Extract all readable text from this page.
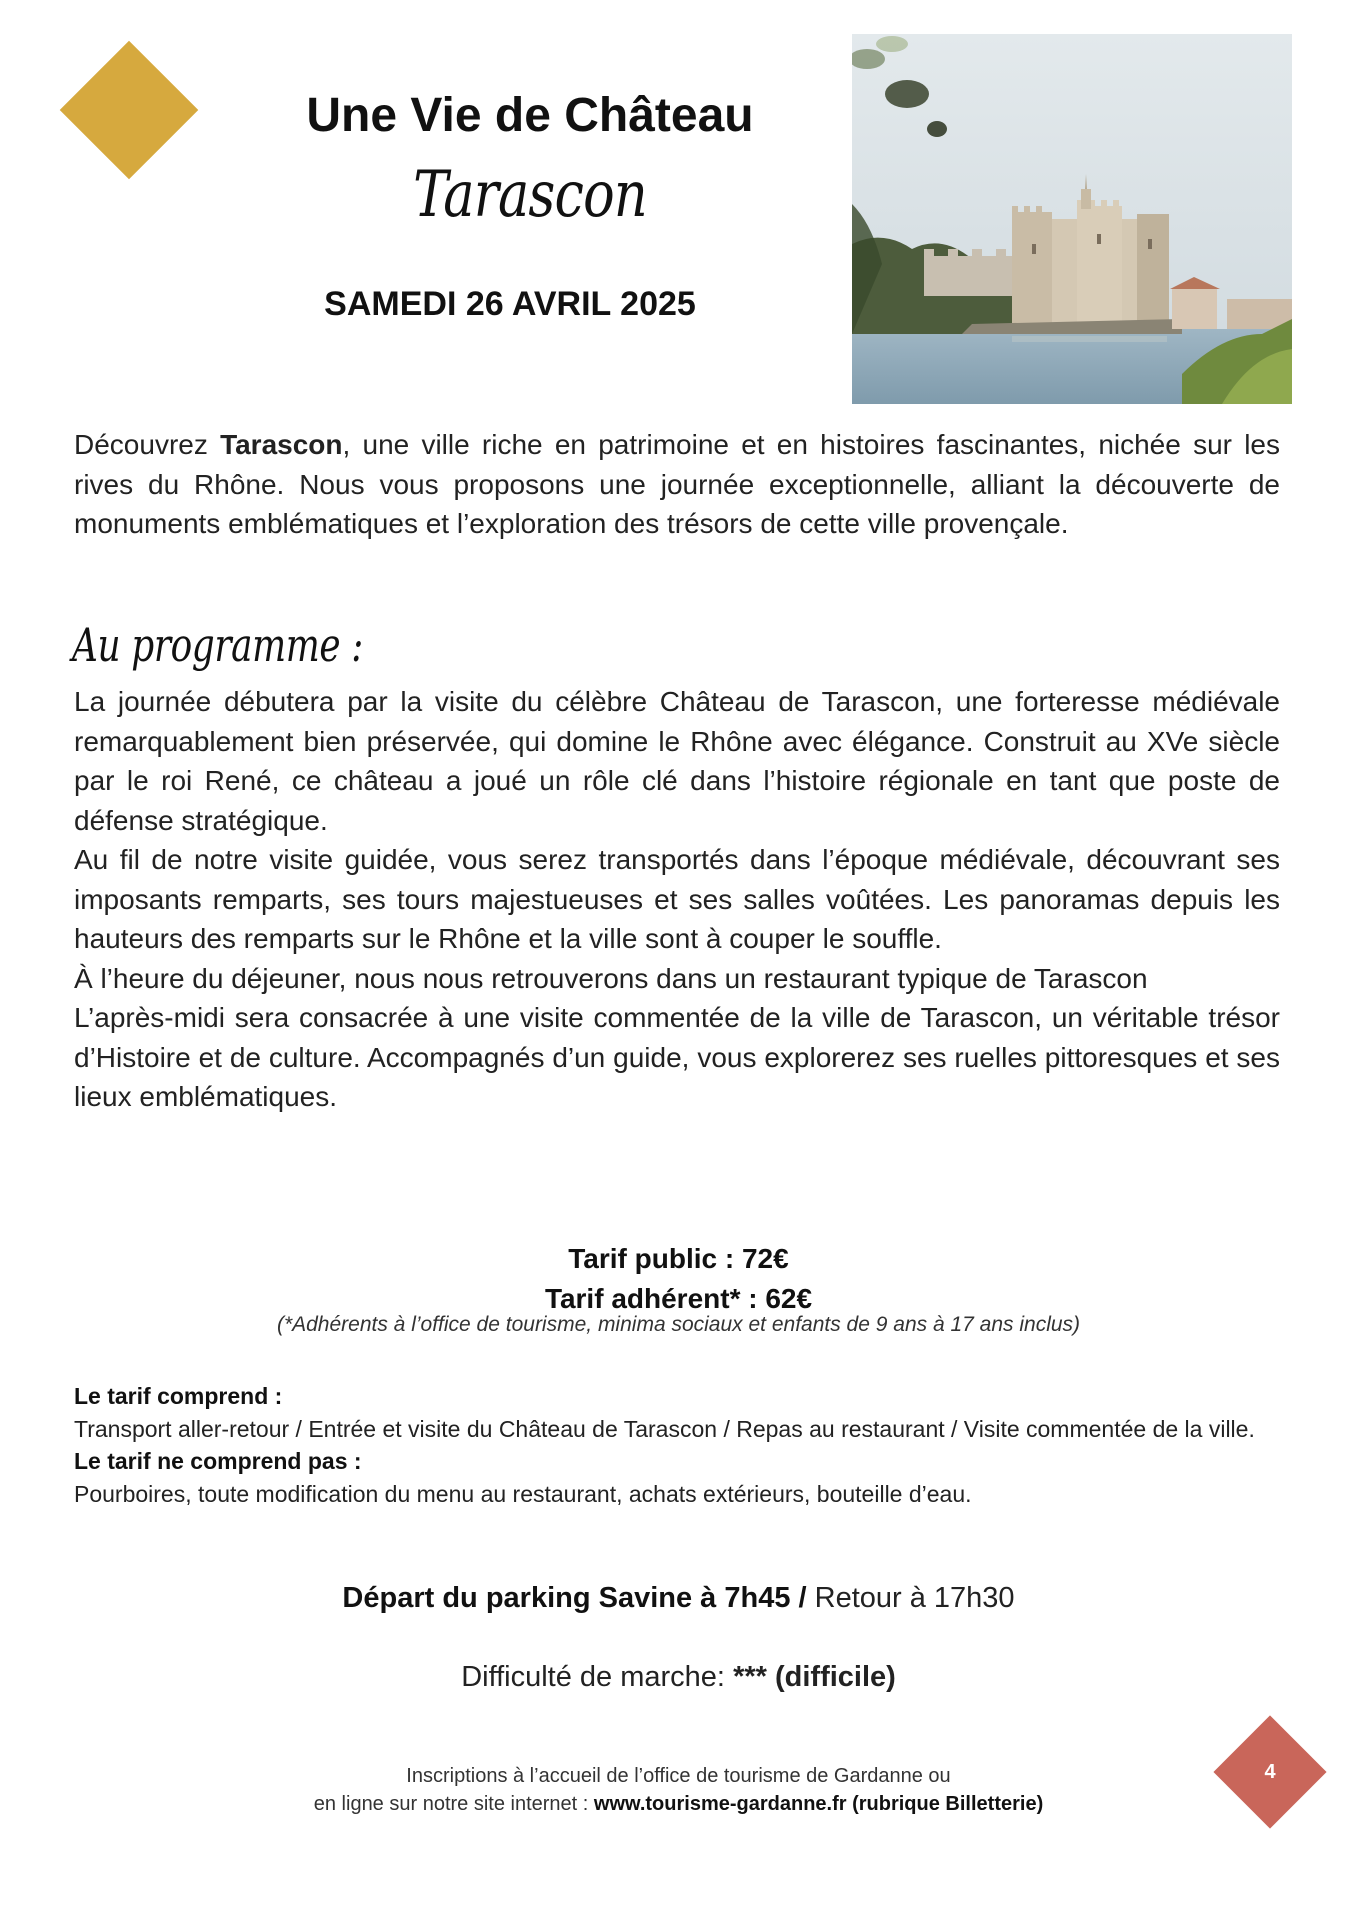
Une Vie de Château
Tarascon
SAMEDI 26 AVRIL 2025

Découvrez Tarascon, une ville riche en patrimoine et en histoires fascinantes, nichée sur les rives du Rhône. Nous vous proposons une journée exceptionnelle, alliant la découverte de monuments emblématiques et l’exploration des trésors de cette ville provençale.

Au programme :

La journée débutera par la visite du célèbre Château de Tarascon, une forteresse médiévale remarquablement bien préservée, qui domine le Rhône avec élégance. Construit au XVe siècle par le roi René, ce château a joué un rôle clé dans l’histoire régionale en tant que poste de défense stratégique.

Au fil de notre visite guidée, vous serez transportés dans l’époque médiévale, découvrant ses imposants remparts, ses tours majestueuses et ses salles voûtées. Les panoramas depuis les hauteurs des remparts sur le Rhône et la ville sont à couper le souffle.

À l’heure du déjeuner, nous nous retrouverons dans un restaurant typique de Tarascon

L’après-midi sera consacrée à une visite commentée de la ville de Tarascon, un véritable trésor d’Histoire et de culture. Accompagnés d’un guide, vous explorerez ses ruelles pittoresques et ses lieux emblématiques.

Tarif public : 72€
Tarif adhérent* : 62€
(*Adhérents à l’office de tourisme, minima sociaux et enfants de 9 ans à 17 ans inclus)
Le tarif comprend :
Transport aller-retour / Entrée et visite du Château de Tarascon / Repas au restaurant / Visite commentée de la ville.
Le tarif ne comprend pas :
Pourboires, toute modification du menu au restaurant, achats extérieurs, bouteille d’eau.
Départ du parking Savine à 7h45 / Retour à 17h30
Difficulté de marche: *** (difficile)
Inscriptions à l’accueil de l’office de tourisme de Gardanne ou
en ligne sur notre site internet : www.tourisme-gardanne.fr (rubrique Billetterie)
4
